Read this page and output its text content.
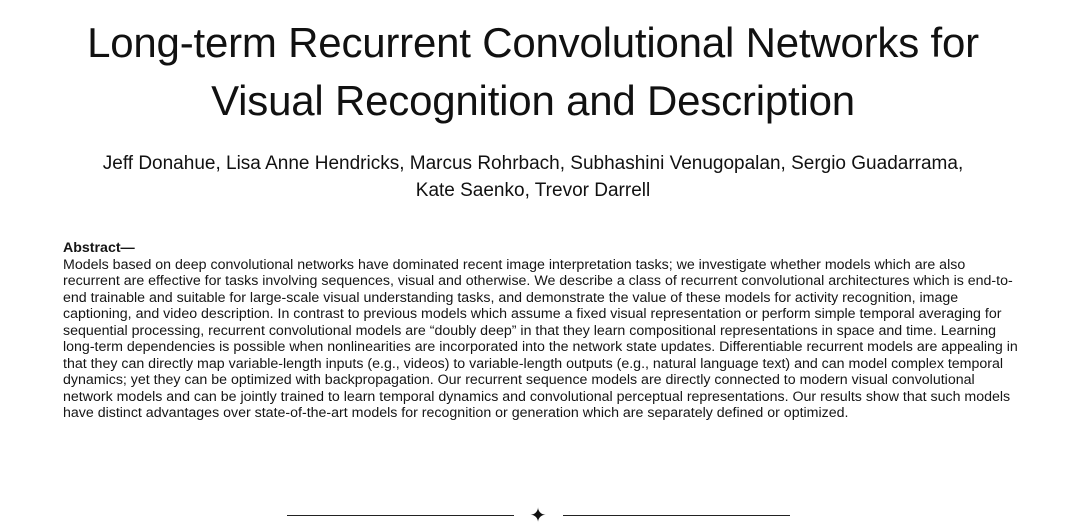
Long-term Recurrent Convolutional Networks for
Visual Recognition and Description
Jeff Donahue, Lisa Anne Hendricks, Marcus Rohrbach, Subhashini Venugopalan, Sergio Guadarrama,
Kate Saenko, Trevor Darrell
Abstract—
Models based on deep convolutional networks have dominated recent image interpretation tasks; we investigate whether models which are also recurrent are effective for tasks involving sequences, visual and otherwise. We describe a class of recurrent convolutional architectures which is end-to-end trainable and suitable for large-scale visual understanding tasks, and demonstrate the value of these models for activity recognition, image captioning, and video description. In contrast to previous models which assume a fixed visual representation or perform simple temporal averaging for sequential processing, recurrent convolutional models are “doubly deep” in that they learn compositional representations in space and time. Learning long-term dependencies is possible when nonlinearities are incorporated into the network state updates. Differentiable recurrent models are appealing in that they can directly map variable-length inputs (e.g., videos) to variable-length outputs (e.g., natural language text) and can model complex temporal dynamics; yet they can be optimized with backpropagation. Our recurrent sequence models are directly connected to modern visual convolutional network models and can be jointly trained to learn temporal dynamics and convolutional perceptual representations. Our results show that such models have distinct advantages over state-of-the-art models for recognition or generation which are separately defined or optimized.
✦
